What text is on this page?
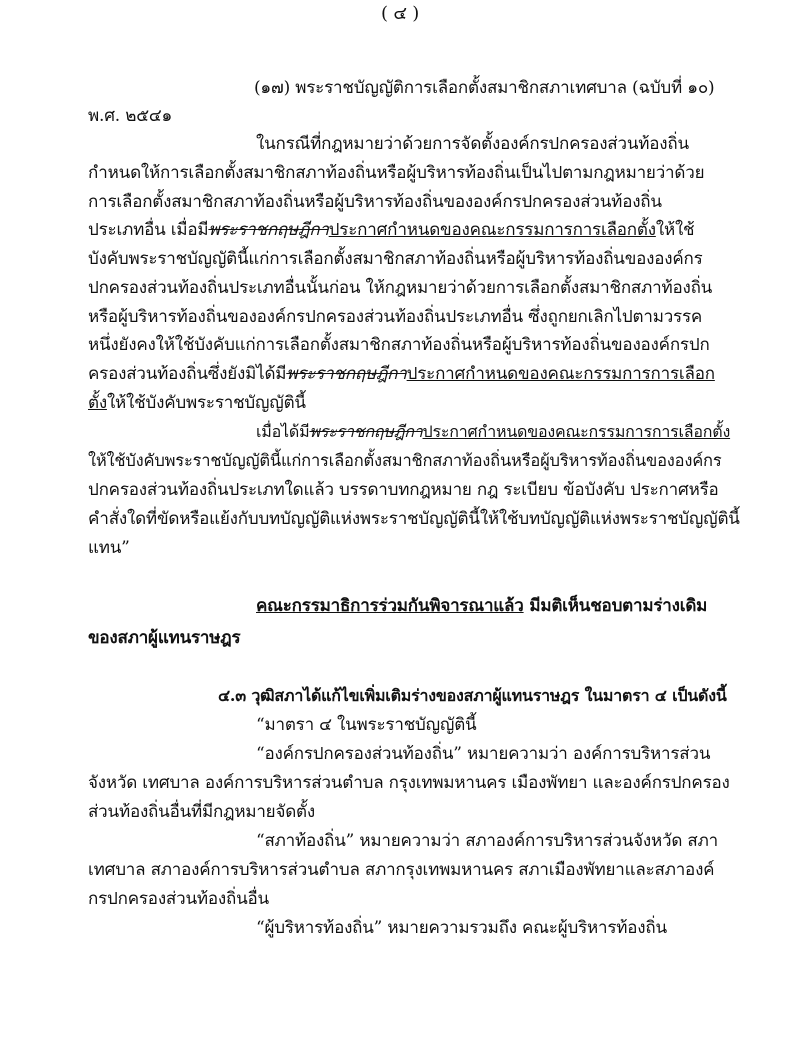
( ๔ )
(๑๗) พระราชบัญญัติการเลือกตั้งสมาชิกสภาเทศบาล (ฉบับที่ ๑๐)
พ.ศ. ๒๕๔๑
ในกรณีที่กฎหมายว่าด้วยการจัดตั้งองค์กรปกครองส่วนท้องถิ่น
กำหนดให้การเลือกตั้งสมาชิกสภาท้องถิ่นหรือผู้บริหารท้องถิ่นเป็นไปตามกฎหมายว่าด้วย
การเลือกตั้งสมาชิกสภาท้องถิ่นหรือผู้บริหารท้องถิ่นขององค์กรปกครองส่วนท้องถิ่น
ประเภทอื่น เมื่อมีพระราชกฤษฎีกาประกาศกำหนดของคณะกรรมการการเลือกตั้งให้ใช้
บังคับพระราชบัญญัตินี้แก่การเลือกตั้งสมาชิกสภาท้องถิ่นหรือผู้บริหารท้องถิ่นขององค์กร
ปกครองส่วนท้องถิ่นประเภทอื่นนั้นก่อน ให้กฎหมายว่าด้วยการเลือกตั้งสมาชิกสภาท้องถิ่น
หรือผู้บริหารท้องถิ่นขององค์กรปกครองส่วนท้องถิ่นประเภทอื่น ซึ่งถูกยกเลิกไปตามวรรค
หนึ่งยังคงให้ใช้บังคับแก่การเลือกตั้งสมาชิกสภาท้องถิ่นหรือผู้บริหารท้องถิ่นขององค์กรปก
ครองส่วนท้องถิ่นซึ่งยังมิได้มีพระราชกฤษฎีกาประกาศกำหนดของคณะกรรมการการเลือก
ตั้งให้ใช้บังคับพระราชบัญญัตินี้
เมื่อได้มีพระราชกฤษฎีกาประกาศกำหนดของคณะกรรมการการเลือกตั้ง
ให้ใช้บังคับพระราชบัญญัตินี้แก่การเลือกตั้งสมาชิกสภาท้องถิ่นหรือผู้บริหารท้องถิ่นขององค์กร
ปกครองส่วนท้องถิ่นประเภทใดแล้ว บรรดาบทกฎหมาย กฎ ระเบียบ ข้อบังคับ ประกาศหรือ
คำสั่งใดที่ขัดหรือแย้งกับบทบัญญัติแห่งพระราชบัญญัตินี้ให้ใช้บทบัญญัติแห่งพระราชบัญญัตินี้
แทน”
คณะกรรมาธิการร่วมกันพิจารณาแล้ว มีมติเห็นชอบตามร่างเดิม
ของสภาผู้แทนราษฎร
๔.๓ วุฒิสภาได้แก้ไขเพิ่มเติมร่างของสภาผู้แทนราษฎร ในมาตรา ๔ เป็นดังนี้
“มาตรา ๔ ในพระราชบัญญัตินี้
“องค์กรปกครองส่วนท้องถิ่น” หมายความว่า องค์การบริหารส่วน
จังหวัด เทศบาล องค์การบริหารส่วนตำบล กรุงเทพมหานคร เมืองพัทยา และองค์กรปกครอง
ส่วนท้องถิ่นอื่นที่มีกฎหมายจัดตั้ง
“สภาท้องถิ่น” หมายความว่า สภาองค์การบริหารส่วนจังหวัด สภา
เทศบาล สภาองค์การบริหารส่วนตำบล สภากรุงเทพมหานคร สภาเมืองพัทยาและสภาองค์
กรปกครองส่วนท้องถิ่นอื่น
“ผู้บริหารท้องถิ่น” หมายความรวมถึง คณะผู้บริหารท้องถิ่น
